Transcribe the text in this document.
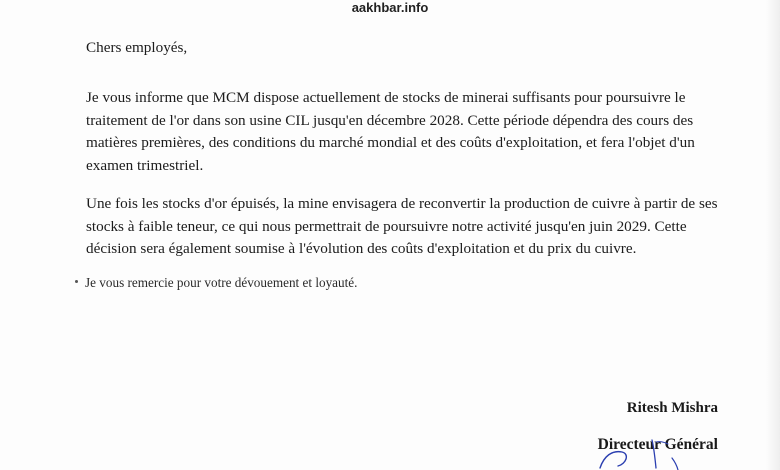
aakhbar.info

Chers employés,

Je vous informe que MCM dispose actuellement de stocks de minerai suffisants pour poursuivre le traitement de l'or dans son usine CIL jusqu'en décembre 2028. Cette période dépendra des cours des matières premières, des conditions du marché mondial et des coûts d'exploitation, et fera l'objet d'un examen trimestriel.

Une fois les stocks d'or épuisés, la mine envisagera de reconvertir la production de cuivre à partir de ses stocks à faible teneur, ce qui nous permettrait de poursuivre notre activité jusqu'en juin 2029. Cette décision sera également soumise à l'évolution des coûts d'exploitation et du prix du cuivre.

Je vous remercie pour votre dévouement et loyauté.
Ritesh Mishra
Directeur Général
